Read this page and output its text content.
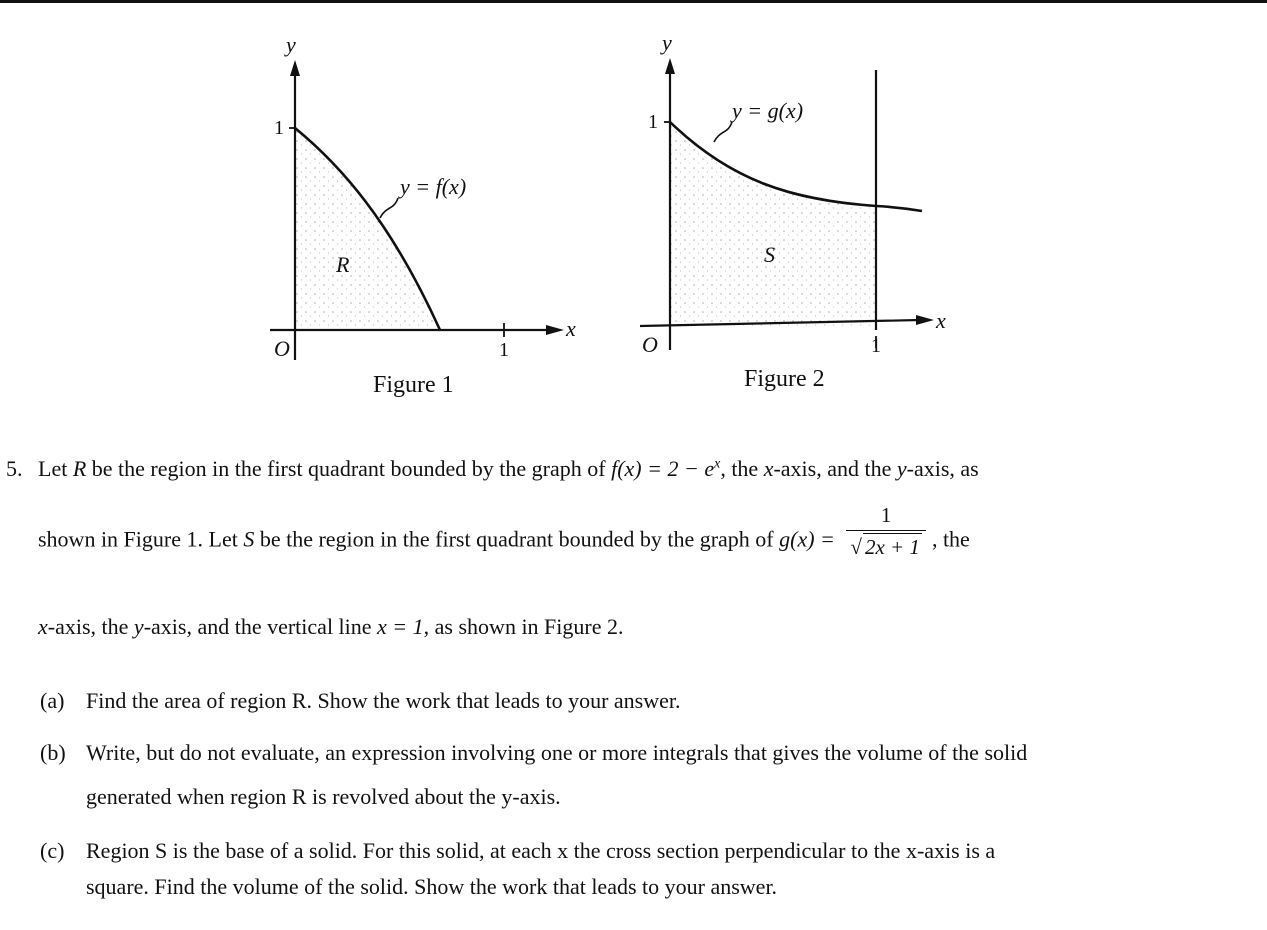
y
x
O
1
1
y = f(x)
R
Figure 1
y
x
O
1
1
y = g(x)
S
Figure 2
5. Let R be the region in the first quadrant bounded by the graph of $f(x) = 2 - e^x$, the x-axis, and the y-axis, as
shown in Figure 1. Let S be the region in the first quadrant bounded by the graph of $g(x) = \frac{1}{√ 2x + 1}$ , the
x-axis, the y-axis, and the vertical line x = 1, as shown in Figure 2.
(a) Find the area of region R. Show the work that leads to your answer.
(b) Write, but do not evaluate, an expression involving one or more integrals that gives the volume of the solid
generated when region R is revolved about the y-axis.
(c) Region S is the base of a solid. For this solid, at each x the cross section perpendicular to the x-axis is a
square. Find the volume of the solid. Show the work that leads to your answer.
